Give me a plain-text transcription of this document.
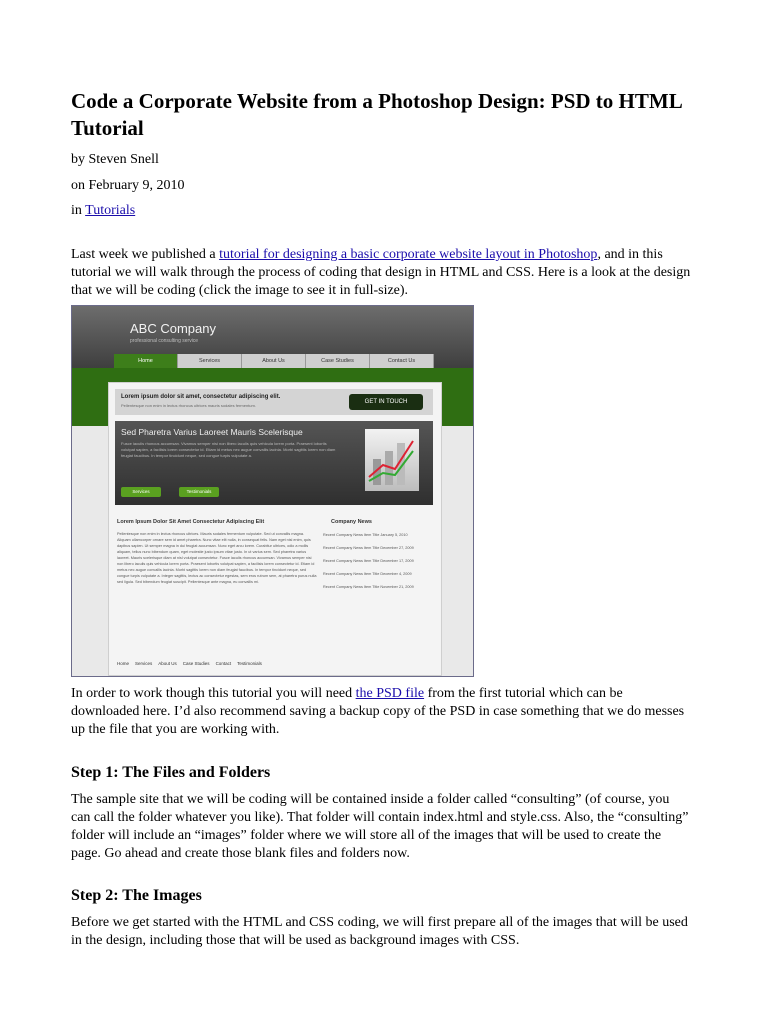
Code a Corporate Website from a Photoshop Design: PSD to HTML Tutorial
by Steven Snell
on February 9, 2010
in Tutorials

Last week we published a tutorial for designing a basic corporate website layout in Photoshop, and in this tutorial we will walk through the process of coding that design in HTML and CSS. Here is a look at the design that we will be coding (click the image to see it in full-size).

In order to work though this tutorial you will need the PSD file from the first tutorial which can be downloaded here. I’d also recommend saving a backup copy of the PSD in case something that we do messes up the file that you are working with.

Step 1: The Files and Folders

The sample site that we will be coding will be contained inside a folder called “consulting” (of course, you can call the folder whatever you like). That folder will contain index.html and style.css. Also, the “consulting” folder will include an “images” folder where we will store all of the images that will be used to create the page. Go ahead and create those blank files and folders now.

Step 2: The Images

Before we get started with the HTML and CSS coding, we will first prepare all of the images that will be used in the design, including those that will be used as background images with CSS.

ABC Company
professional consulting service
Home	Services	About Us	Case Studies	Contact Us
Lorem ipsum dolor sit amet, consectetur adipiscing elit.
Pellentesque non enim in lectus rhoncus ultrices mauris sodales fermentum.
GET IN TOUCH
Sed Pharetra Varius Laoreet Mauris Scelerisque
Fusce iaculis rhoncus accumsan. Vivamus semper nisi non libero iaculis quis vehicula lorem porta. Praesent lobortis volutpat sapien, a facilisis lorem consectetur id. Etiam id metus nec augue convallis lacinia. Morbi sagittis lorem non diam feugiat faucibus. In tempor tincidunt neque, sed congue turpis vulputate a.
Services	Testimonials
Lorem Ipsum Dolor Sit Amet Consectetur Adipiscing Elit
Pellentesque non enim in lectus rhoncus ultrices. Mauris sodales fermentum vulputate. Sed ut convallis magna. Aliquam ullamcorper ornare sem id amet pharetra. Nunc vitae elit nulla, in consequat felis. Nam eget nisl enim, quis dapibus sapien. Ut semper magna in dui feugiat accumsan. Nunc eget arcu lorem. Curabitur ultrices, odio a mollis aliquam, tellus nunc bibendum quam, eget molestie justo ipsum vitae justo. In ut varius sem. Sed pharetra varius laoreet. Mauris scelerisque diam at nisl volutpat consectetur. Fusce iaculis rhoncus accumsan. Vivamus semper nisi non libero iaculis quis vehicula lorem porta. Praesent lobortis volutpat sapien, a facilisis lorem consectetur id. Etiam id metus nec augue convallis lacinia. Morbi sagittis lorem non diam feugiat faucibus. In tempor tincidunt neque, sed congue turpis vulputate a. Integer sagittis, lectus ac consectetur egestas, sem eros rutrum sem, at pharetra purus nulla sed ligula. Sed bibendum feugiat suscipit. Pellentesque ante magna, eu convallis mi.
Company News
Recent Company News Item Title January 5, 2010
Recent Company News Item Title December 27, 2009
Recent Company News Item Title December 17, 2009
Recent Company News Item Title December 4, 2009
Recent Company News Item Title November 21, 2009
Home Services About Us Case Studies Contact Testimonials
